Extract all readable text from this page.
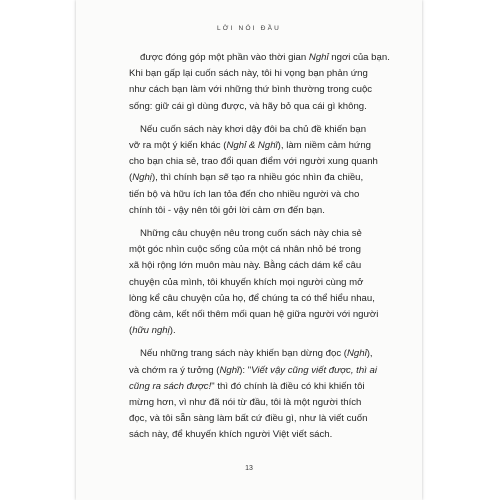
LỜI NÓI ĐẦU
được đóng góp một phần vào thời gian Nghỉ ngơi của bạn.
Khi bạn gấp lại cuốn sách này, tôi hi vọng bạn phản ứng
như cách bạn làm với những thứ bình thường trong cuộc
sống: giữ cái gì dùng được, và hãy bỏ qua cái gì không.
Nếu cuốn sách này khơi dậy đôi ba chủ đề khiến bạn
vỡ ra một ý kiến khác (Nghỉ & Nghĩ), làm niềm cảm hứng
cho bạn chia sẻ, trao đổi quan điểm với người xung quanh
(Nghị), thì chính bạn sẽ tạo ra nhiều góc nhìn đa chiều,
tiến bộ và hữu ích lan tỏa đến cho nhiều người và cho
chính tôi - vậy nên tôi gởi lời cảm ơn đến bạn.
Những câu chuyện nêu trong cuốn sách này chia sẻ
một góc nhìn cuộc sống của một cá nhân nhỏ bé trong
xã hội rộng lớn muôn màu này. Bằng cách dám kể câu
chuyện của mình, tôi khuyến khích mọi người cùng mở
lòng kể câu chuyện của họ, để chúng ta có thể hiểu nhau,
đồng cảm, kết nối thêm mối quan hệ giữa người với người
(hữu nghị).
Nếu những trang sách này khiến bạn dừng đọc (Nghỉ),
và chớm ra ý tưởng (Nghĩ): "Viết vậy cũng viết được, thì ai
cũng ra sách được!" thì đó chính là điều có khi khiến tôi
mừng hơn, vì như đã nói từ đầu, tôi là một người thích
đọc, và tôi sẵn sàng làm bất cứ điều gì, như là viết cuốn
sách này, để khuyến khích người Việt viết sách.
13
